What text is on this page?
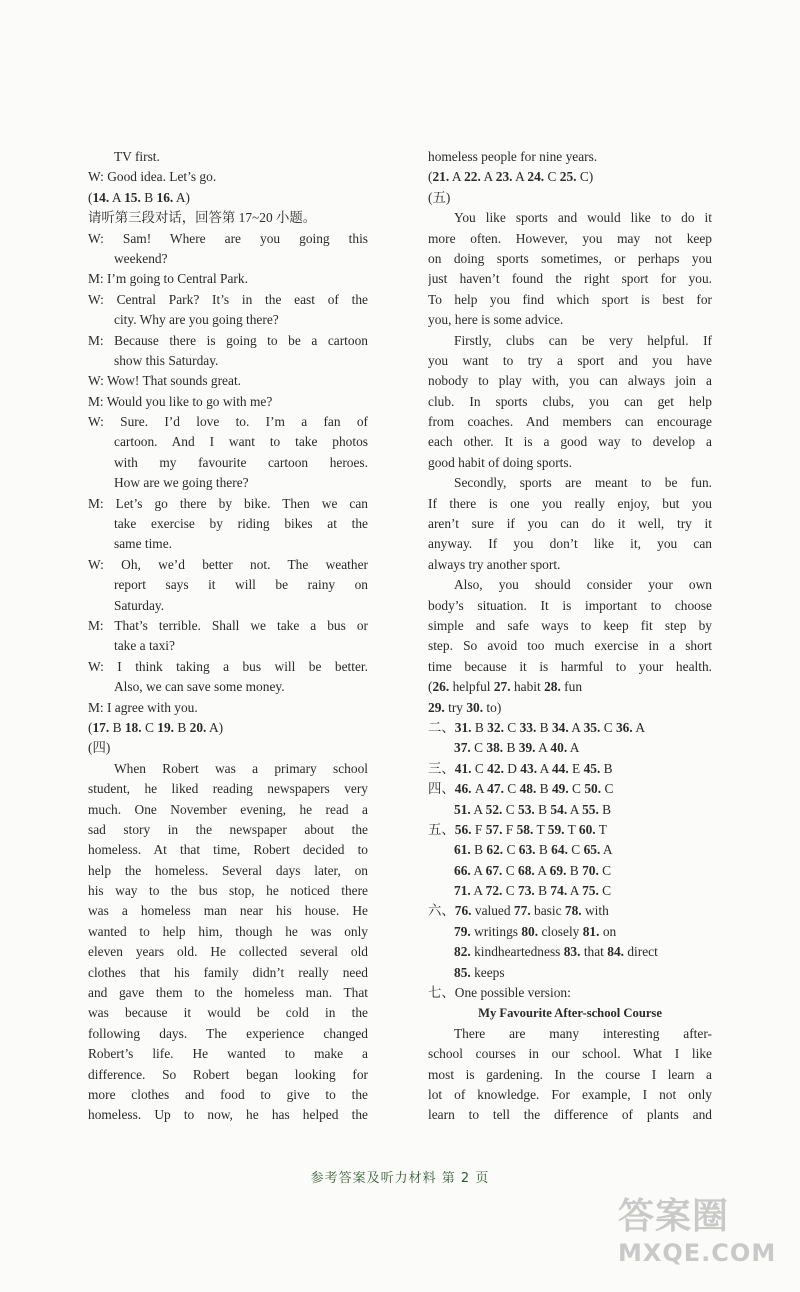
TV first.
W: Good idea. Let’s go.
(14. A 15. B 16. A)
请听第三段对话，回答第 17~20 小题。
W: Sam! Where are you going this
weekend?
M: I’m going to Central Park.
W: Central Park? It’s in the east of the
city. Why are you going there?
M: Because there is going to be a cartoon
show this Saturday.
W: Wow! That sounds great.
M: Would you like to go with me?
W: Sure. I’d love to. I’m a fan of
cartoon. And I want to take photos
with my favourite cartoon heroes.
How are we going there?
M: Let’s go there by bike. Then we can
take exercise by riding bikes at the
same time.
W: Oh, we’d better not. The weather
report says it will be rainy on
Saturday.
M: That’s terrible. Shall we take a bus or
take a taxi?
W: I think taking a bus will be better.
Also, we can save some money.
M: I agree with you.
(17. B 18. C 19. B 20. A)
(四)
When Robert was a primary school
student, he liked reading newspapers very
much. One November evening, he read a
sad story in the newspaper about the
homeless. At that time, Robert decided to
help the homeless. Several days later, on
his way to the bus stop, he noticed there
was a homeless man near his house. He
wanted to help him, though he was only
eleven years old. He collected several old
clothes that his family didn’t really need
and gave them to the homeless man. That
was because it would be cold in the
following days. The experience changed
Robert’s life. He wanted to make a
difference. So Robert began looking for
more clothes and food to give to the
homeless. Up to now, he has helped the
homeless people for nine years.
(21. A 22. A 23. A 24. C 25. C)
(五)
You like sports and would like to do it
more often. However, you may not keep
on doing sports sometimes, or perhaps you
just haven’t found the right sport for you.
To help you find which sport is best for
you, here is some advice.
Firstly, clubs can be very helpful. If
you want to try a sport and you have
nobody to play with, you can always join a
club. In sports clubs, you can get help
from coaches. And members can encourage
each other. It is a good way to develop a
good habit of doing sports.
Secondly, sports are meant to be fun.
If there is one you really enjoy, but you
aren’t sure if you can do it well, try it
anyway. If you don’t like it, you can
always try another sport.
Also, you should consider your own
body’s situation. It is important to choose
simple and safe ways to keep fit step by
step. So avoid too much exercise in a short
time because it is harmful to your health.
(26. helpful 27. habit 28. fun
29. try 30. to)
二、31. B 32. C 33. B 34. A 35. C 36. A
37. C 38. B 39. A 40. A
三、41. C 42. D 43. A 44. E 45. B
四、46. A 47. C 48. B 49. C 50. C
51. A 52. C 53. B 54. A 55. B
五、56. F 57. F 58. T 59. T 60. T
61. B 62. C 63. B 64. C 65. A
66. A 67. C 68. A 69. B 70. C
71. A 72. C 73. B 74. A 75. C
六、76. valued 77. basic 78. with
79. writings 80. closely 81. on
82. kindheartedness 83. that 84. direct
85. keeps
七、One possible version:
My Favourite After-school Course
There are many interesting after-
school courses in our school. What I like
most is gardening. In the course I learn a
lot of knowledge. For example, I not only
learn to tell the difference of plants and
参考答案及听力材料 第 2 页
答案圈
MXQE.COM
